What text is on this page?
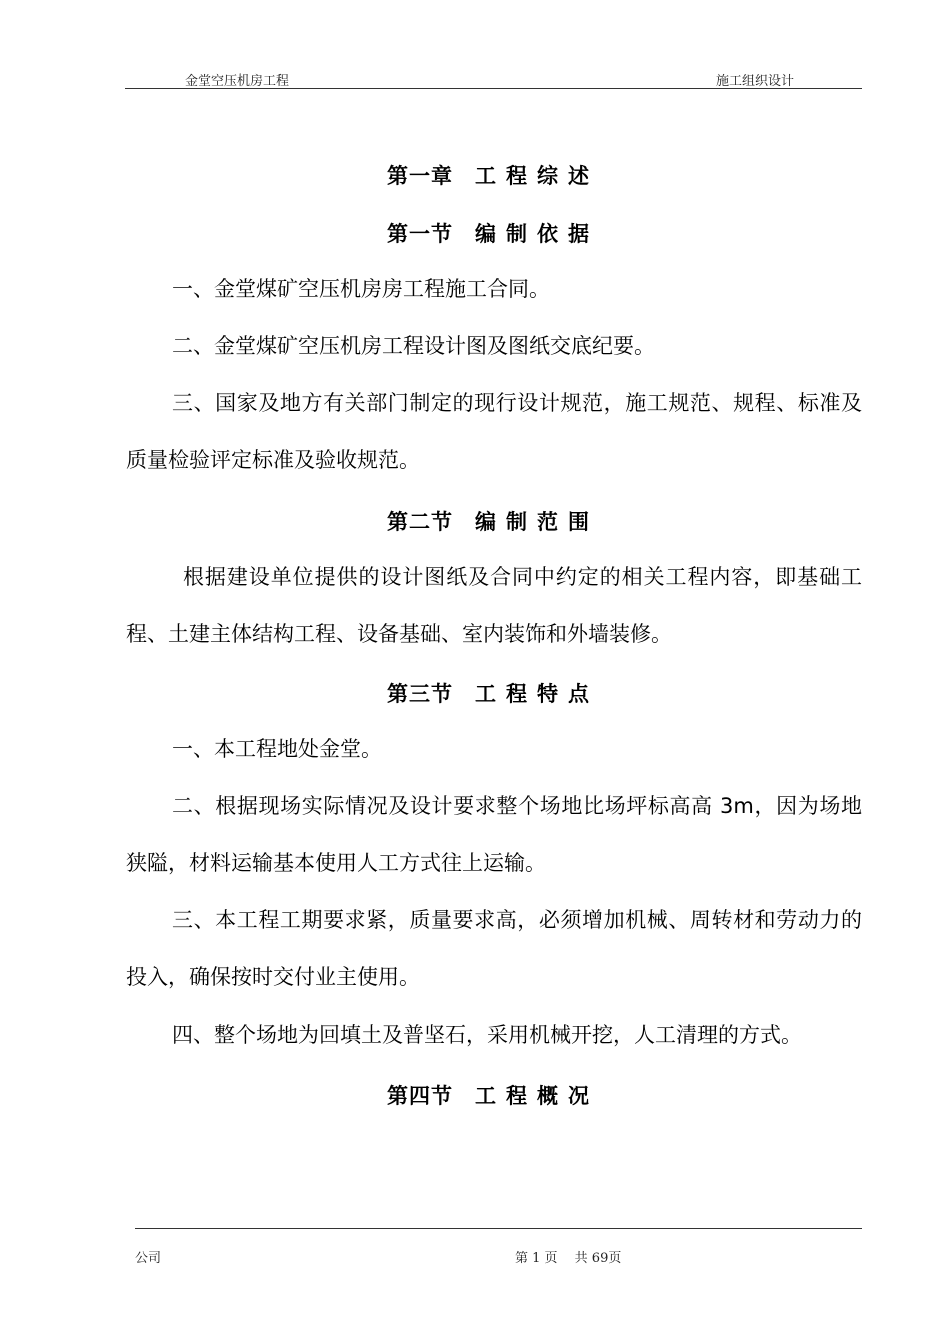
金堂空压机房工程	施工组织设计
第一章 工程综述
第一节 编制依据
一、金堂煤矿空压机房房工程施工合同。
二、金堂煤矿空压机房工程设计图及图纸交底纪要。
三、国家及地方有关部门制定的现行设计规范，施工规范、规程、标准及质量检验评定标准及验收规范。
第二节 编制范围
根据建设单位提供的设计图纸及合同中约定的相关工程内容，即基础工程、土建主体结构工程、设备基础、室内装饰和外墙装修。
第三节 工程特点
一、本工程地处金堂。
二、根据现场实际情况及设计要求整个场地比场坪标高高 3m，因为场地狭隘，材料运输基本使用人工方式往上运输。
三、本工程工期要求紧，质量要求高，必须增加机械、周转材和劳动力的投入，确保按时交付业主使用。
四、整个场地为回填土及普坚石，采用机械开挖，人工清理的方式。
第四节 工程概况
公司	第 1 页　 共 69页
